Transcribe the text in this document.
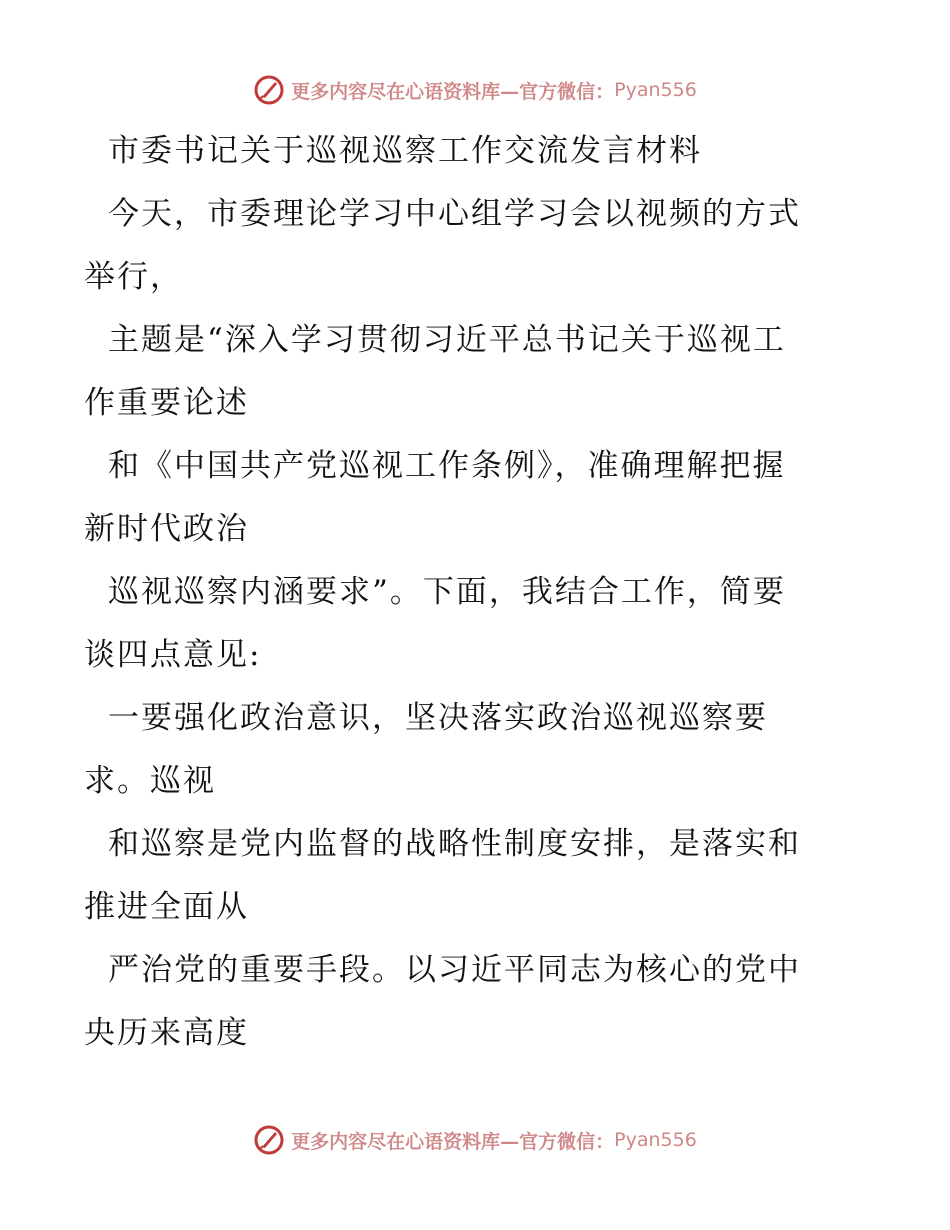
更多内容尽在心语资料库—官方微信： Pyan556

市委书记关于巡视巡察工作交流发言材料

今天，市委理论学习中心组学习会以视频的方式
举行，

主题是“深入学习贯彻习近平总书记关于巡视工
作重要论述

和《中国共产党巡视工作条例》，准确理解把握
新时代政治

巡视巡察内涵要求”。下面，我结合工作，简要
谈四点意见:

一要强化政治意识，坚决落实政治巡视巡察要
求。巡视

和巡察是党内监督的战略性制度安排，是落实和
推进全面从

严治党的重要手段。以习近平同志为核心的党中
央历来高度

更多内容尽在心语资料库—官方微信： Pyan556
